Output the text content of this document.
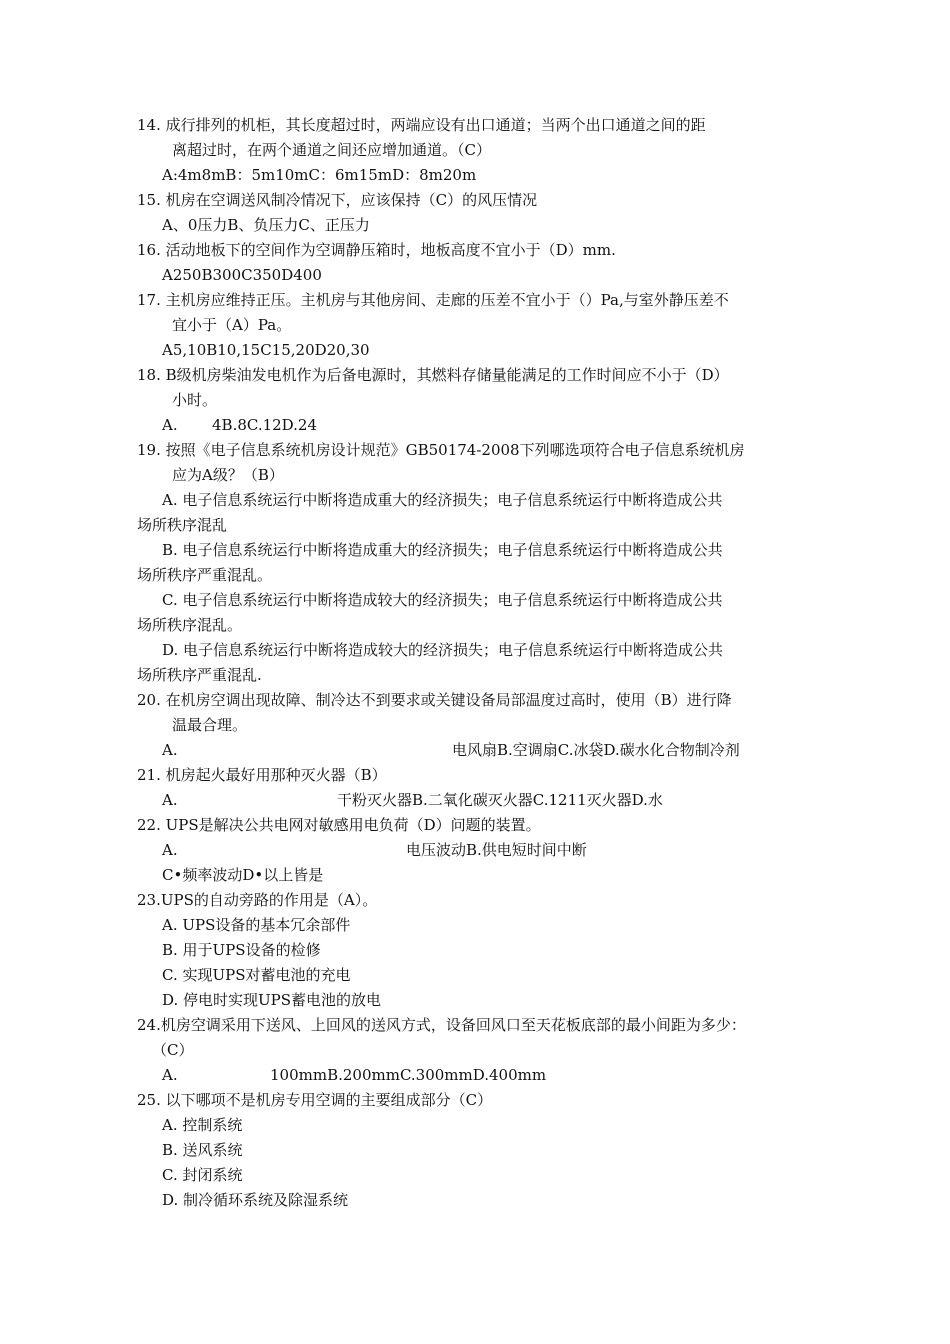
14. 成行排列的机柜，其长度超过时，两端应设有出口通道；当两个出口通道之间的距
离超过时，在两个通道之间还应增加通道。（C）
A:4m8mB：5m10mC：6m15mD：8m20m
15. 机房在空调送风制冷情况下，应该保持（C）的风压情况
A、0压力B、负压力C、正压力
16. 活动地板下的空间作为空调静压箱时，地板高度不宜小于（D）mm.
A250B300C350D400
17. 主机房应维持正压。主机房与其他房间、走廊的压差不宜小于（）Pa,与室外静压差不
宜小于（A）Pa。
A5,10B10,15C15,20D20,30
18. B级机房柴油发电机作为后备电源时，其燃料存储量能满足的工作时间应不小于（D）
小时。
A. 4B.8C.12D.24
19. 按照《电子信息系统机房设计规范》GB50174-2008下列哪选项符合电子信息系统机房
应为A级？（B）
A. 电子信息系统运行中断将造成重大的经济损失；电子信息系统运行中断将造成公共
场所秩序混乱
B. 电子信息系统运行中断将造成重大的经济损失；电子信息系统运行中断将造成公共
场所秩序严重混乱。
C. 电子信息系统运行中断将造成较大的经济损失；电子信息系统运行中断将造成公共
场所秩序混乱。
D. 电子信息系统运行中断将造成较大的经济损失；电子信息系统运行中断将造成公共
场所秩序严重混乱.
20. 在机房空调出现故障、制冷达不到要求或关键设备局部温度过高时，使用（B）进行降
温最合理。
A.	电风扇B.空调扇C.冰袋D.碳水化合物制冷剂
21. 机房起火最好用那种灭火器（B）
A.	干粉灭火器B.二氧化碳灭火器C.1211灭火器D.水
22. UPS是解决公共电网对敏感用电负荷（D）问题的装置。
A.	电压波动B.供电短时间中断
C•频率波动D•以上皆是
23.UPS的自动旁路的作用是（A）。
A. UPS设备的基本冗余部件
B. 用于UPS设备的检修
C. 实现UPS对蓄电池的充电
D. 停电时实现UPS蓄电池的放电
24.机房空调采用下送风、上回风的送风方式，设备回风口至天花板底部的最小间距为多少：
（C）
A.	100mmB.200mmC.300mmD.400mm
25. 以下哪项不是机房专用空调的主要组成部分（C）
A. 控制系统
B. 送风系统
C. 封闭系统
D. 制冷循环系统及除湿系统
